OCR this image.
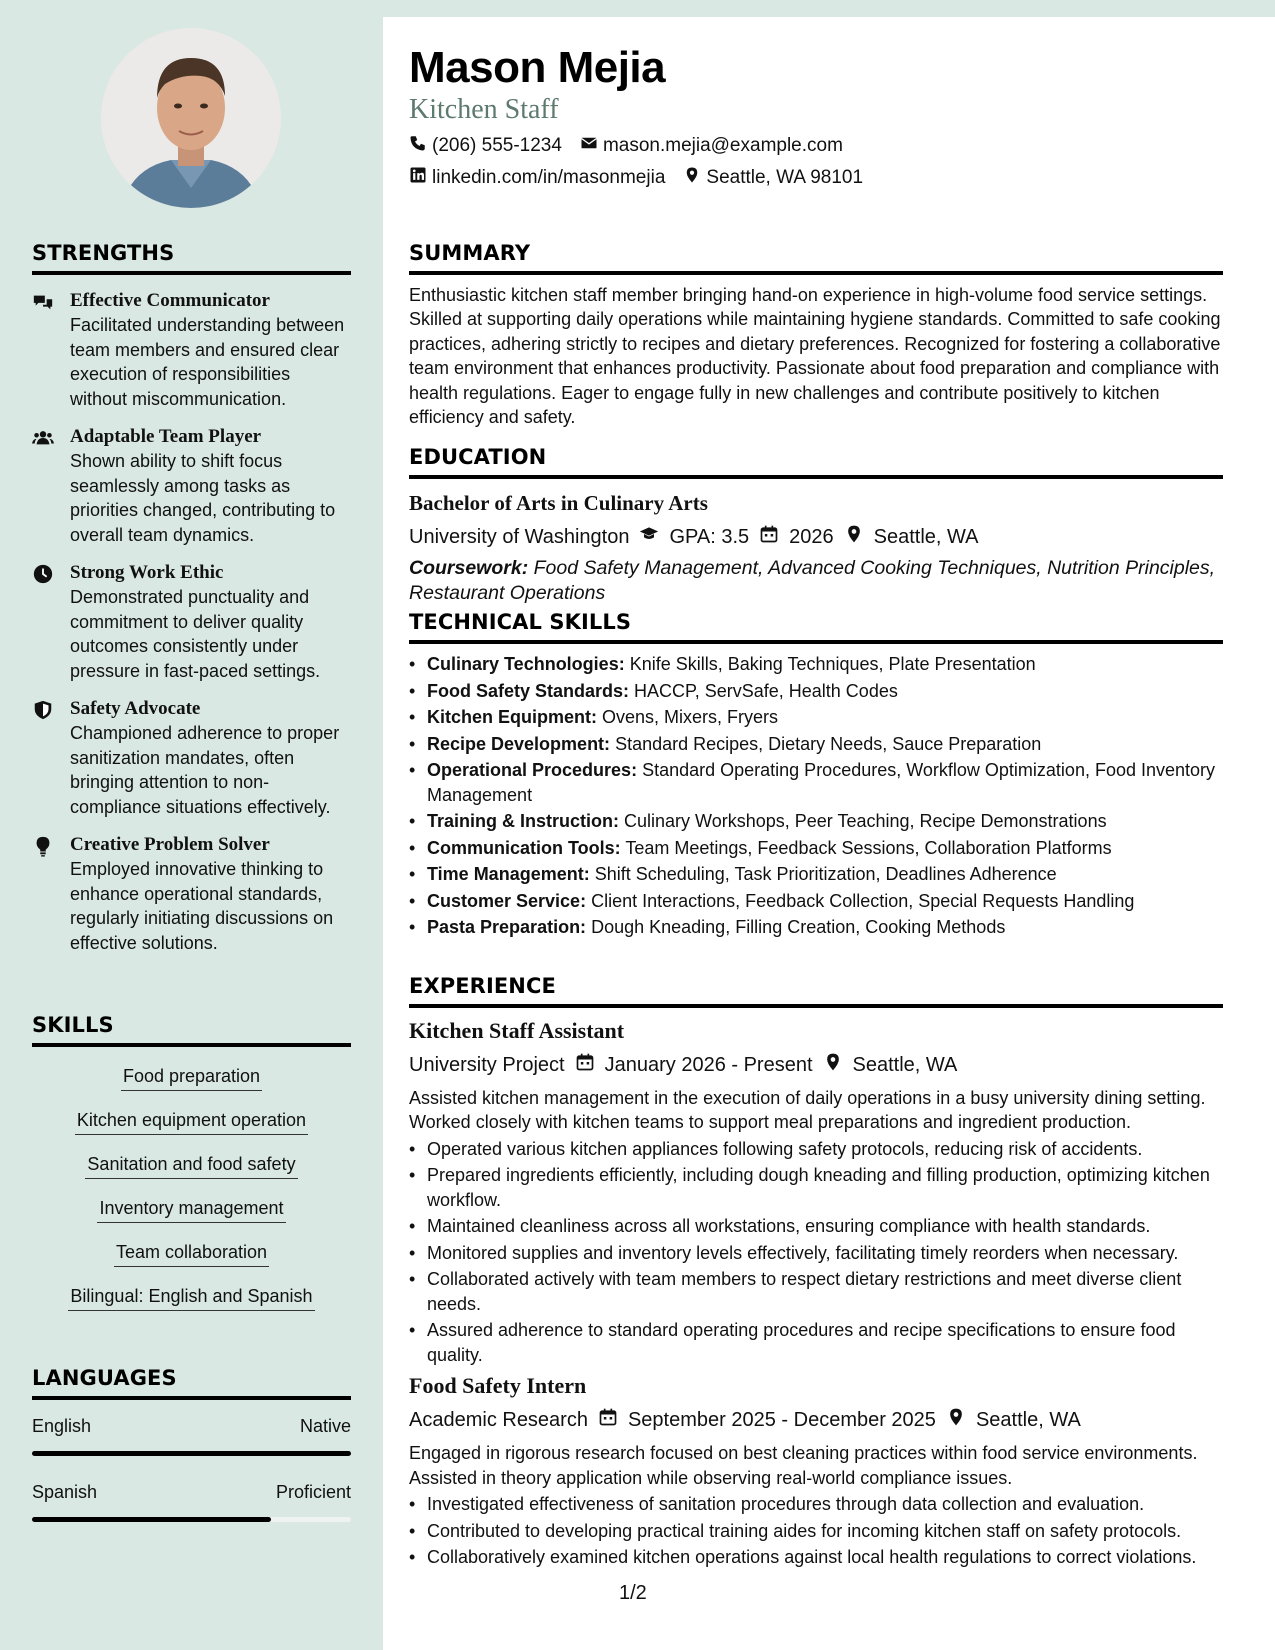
STRENGTHS
Effective Communicator
Facilitated understanding between team members and ensured clear execution of responsibilities without miscommunication.
Adaptable Team Player
Shown ability to shift focus seamlessly among tasks as priorities changed, contributing to overall team dynamics.
Strong Work Ethic
Demonstrated punctuality and commitment to deliver quality outcomes consistently under pressure in fast-paced settings.
Safety Advocate
Championed adherence to proper sanitization mandates, often bringing attention to non-compliance situations effectively.
Creative Problem Solver
Employed innovative thinking to enhance operational standards, regularly initiating discussions on effective solutions.
SKILLS
Food preparation
Kitchen equipment operation
Sanitation and food safety
Inventory management
Team collaboration
Bilingual: English and Spanish
LANGUAGES
English	Native
Spanish	Proficient
Mason Mejia
Kitchen Staff
(206) 555-1234 mason.mejia@example.com
linkedin.com/in/masonmejia Seattle, WA 98101
SUMMARY
Enthusiastic kitchen staff member bringing hand-on experience in high-volume food service settings. Skilled at supporting daily operations while maintaining hygiene standards. Committed to safe cooking practices, adhering strictly to recipes and dietary preferences. Recognized for fostering a collaborative team environment that enhances productivity. Passionate about food preparation and compliance with health regulations. Eager to engage fully in new challenges and contribute positively to kitchen efficiency and safety.
EDUCATION
Bachelor of Arts in Culinary Arts
University of Washington GPA: 3.5 2026 Seattle, WA
Coursework: Food Safety Management, Advanced Cooking Techniques, Nutrition Principles, Restaurant Operations
TECHNICAL SKILLS
• Culinary Technologies: Knife Skills, Baking Techniques, Plate Presentation
• Food Safety Standards: HACCP, ServSafe, Health Codes
• Kitchen Equipment: Ovens, Mixers, Fryers
• Recipe Development: Standard Recipes, Dietary Needs, Sauce Preparation
• Operational Procedures: Standard Operating Procedures, Workflow Optimization, Food Inventory Management
• Training & Instruction: Culinary Workshops, Peer Teaching, Recipe Demonstrations
• Communication Tools: Team Meetings, Feedback Sessions, Collaboration Platforms
• Time Management: Shift Scheduling, Task Prioritization, Deadlines Adherence
• Customer Service: Client Interactions, Feedback Collection, Special Requests Handling
• Pasta Preparation: Dough Kneading, Filling Creation, Cooking Methods
EXPERIENCE
Kitchen Staff Assistant
University Project January 2026 - Present Seattle, WA
Assisted kitchen management in the execution of daily operations in a busy university dining setting. Worked closely with kitchen teams to support meal preparations and ingredient production.
• Operated various kitchen appliances following safety protocols, reducing risk of accidents.
• Prepared ingredients efficiently, including dough kneading and filling production, optimizing kitchen workflow.
• Maintained cleanliness across all workstations, ensuring compliance with health standards.
• Monitored supplies and inventory levels effectively, facilitating timely reorders when necessary.
• Collaborated actively with team members to respect dietary restrictions and meet diverse client needs.
• Assured adherence to standard operating procedures and recipe specifications to ensure food quality.
Food Safety Intern
Academic Research September 2025 - December 2025 Seattle, WA
Engaged in rigorous research focused on best cleaning practices within food service environments. Assisted in theory application while observing real-world compliance issues.
• Investigated effectiveness of sanitation procedures through data collection and evaluation.
• Contributed to developing practical training aides for incoming kitchen staff on safety protocols.
• Collaboratively examined kitchen operations against local health regulations to correct violations.
1/2
